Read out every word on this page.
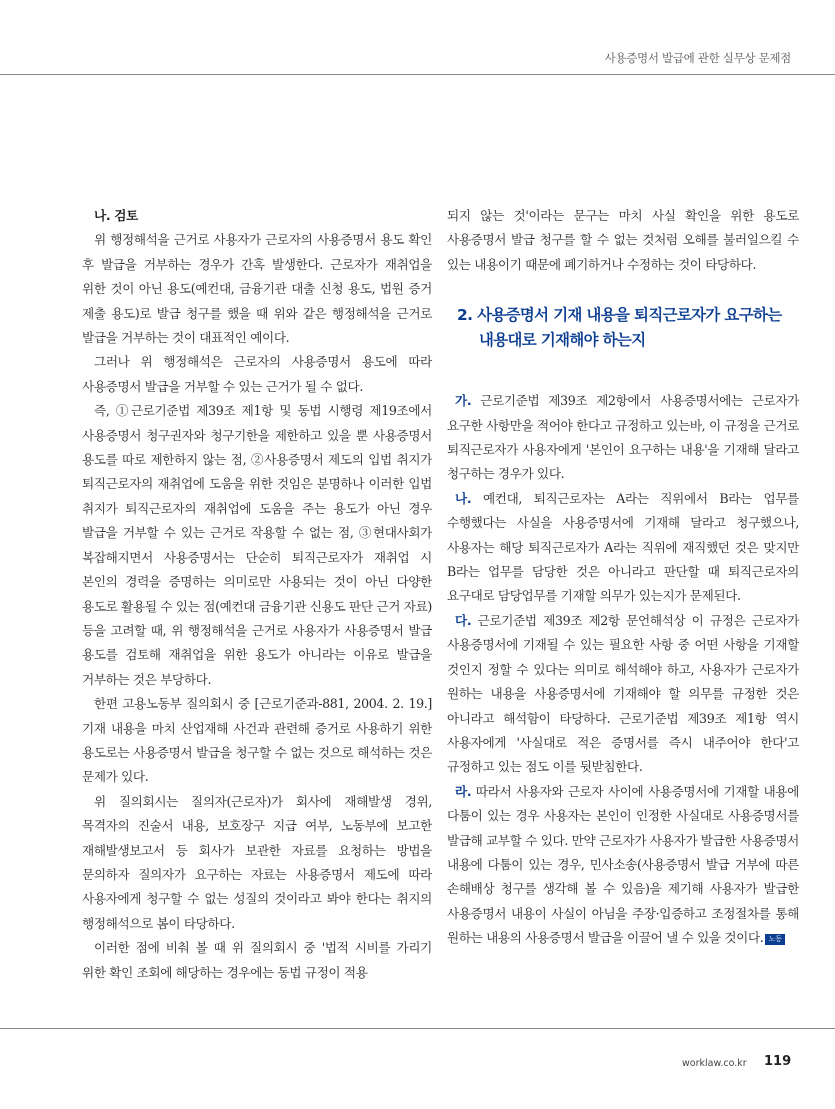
사용증명서 발급에 관한 실무상 문제점

나. 검토

위 행정해석을 근거로 사용자가 근로자의 사용증명서 용도 확인 후 발급을 거부하는 경우가 간혹 발생한다. 근로자가 재취업을 위한 것이 아닌 용도(예컨대, 금융기관 대출 신청 용도, 법원 증거 제출 용도)로 발급 청구를 했을 때 위와 같은 행정해석을 근거로 발급을 거부하는 것이 대표적인 예이다.

그러나 위 행정해석은 근로자의 사용증명서 용도에 따라 사용증명서 발급을 거부할 수 있는 근거가 될 수 없다.

즉, ①근로기준법 제39조 제1항 및 동법 시행령 제19조에서 사용증명서 청구권자와 청구기한을 제한하고 있을 뿐 사용증명서 용도를 따로 제한하지 않는 점, ②사용증명서 제도의 입법 취지가 퇴직근로자의 재취업에 도움을 위한 것임은 분명하나 이러한 입법 취지가 퇴직근로자의 재취업에 도움을 주는 용도가 아닌 경우 발급을 거부할 수 있는 근거로 작용할 수 없는 점, ③현대사회가 복잡해지면서 사용증명서는 단순히 퇴직근로자가 재취업 시 본인의 경력을 증명하는 의미로만 사용되는 것이 아닌 다양한 용도로 활용될 수 있는 점(예컨대 금융기관 신용도 판단 근거 자료) 등을 고려할 때, 위 행정해석을 근거로 사용자가 사용증명서 발급 용도를 검토해 재취업을 위한 용도가 아니라는 이유로 발급을 거부하는 것은 부당하다.

한편 고용노동부 질의회시 중 [근로기준과-881, 2004. 2. 19.] 기재 내용을 마치 산업재해 사건과 관련해 증거로 사용하기 위한 용도로는 사용증명서 발급을 청구할 수 없는 것으로 해석하는 것은 문제가 있다.

위 질의회시는 질의자(근로자)가 회사에 재해발생 경위, 목격자의 진술서 내용, 보호장구 지급 여부, 노동부에 보고한 재해발생보고서 등 회사가 보관한 자료를 요청하는 방법을 문의하자 질의자가 요구하는 자료는 사용증명서 제도에 따라 사용자에게 청구할 수 없는 성질의 것이라고 봐야 한다는 취지의 행정해석으로 봄이 타당하다.

이러한 점에 비춰 볼 때 위 질의회시 중 '법적 시비를 가리기 위한 확인 조회에 해당하는 경우에는 동법 규정이 적용

되지 않는 것'이라는 문구는 마치 사실 확인을 위한 용도로 사용증명서 발급 청구를 할 수 없는 것처럼 오해를 불러일으킬 수 있는 내용이기 때문에 폐기하거나 수정하는 것이 타당하다.

2. 사용증명서 기재 내용을 퇴직근로자가 요구하는
내용대로 기재해야 하는지

가. 근로기준법 제39조 제2항에서 사용증명서에는 근로자가 요구한 사항만을 적어야 한다고 규정하고 있는바, 이 규정을 근거로 퇴직근로자가 사용자에게 '본인이 요구하는 내용'을 기재해 달라고 청구하는 경우가 있다.

나. 예컨대, 퇴직근로자는 A라는 직위에서 B라는 업무를 수행했다는 사실을 사용증명서에 기재해 달라고 청구했으나, 사용자는 해당 퇴직근로자가 A라는 직위에 재직했던 것은 맞지만 B라는 업무를 담당한 것은 아니라고 판단할 때 퇴직근로자의 요구대로 담당업무를 기재할 의무가 있는지가 문제된다.

다. 근로기준법 제39조 제2항 문언해석상 이 규정은 근로자가 사용증명서에 기재될 수 있는 필요한 사항 중 어떤 사항을 기재할 것인지 정할 수 있다는 의미로 해석해야 하고, 사용자가 근로자가 원하는 내용을 사용증명서에 기재해야 할 의무를 규정한 것은 아니라고 해석함이 타당하다. 근로기준법 제39조 제1항 역시 사용자에게 '사실대로 적은 증명서를 즉시 내주어야 한다'고 규정하고 있는 점도 이를 뒷받침한다.

라. 따라서 사용자와 근로자 사이에 사용증명서에 기재할 내용에 다툼이 있는 경우 사용자는 본인이 인정한 사실대로 사용증명서를 발급해 교부할 수 있다. 만약 근로자가 사용자가 발급한 사용증명서 내용에 다툼이 있는 경우, 민사소송(사용증명서 발급 거부에 따른 손해배상 청구를 생각해 볼 수 있음)을 제기해 사용자가 발급한 사용증명서 내용이 사실이 아님을 주장·입증하고 조정절차를 통해 원하는 내용의 사용증명서 발급을 이끌어 낼 수 있을 것이다. 노동

worklaw.co.kr 119
